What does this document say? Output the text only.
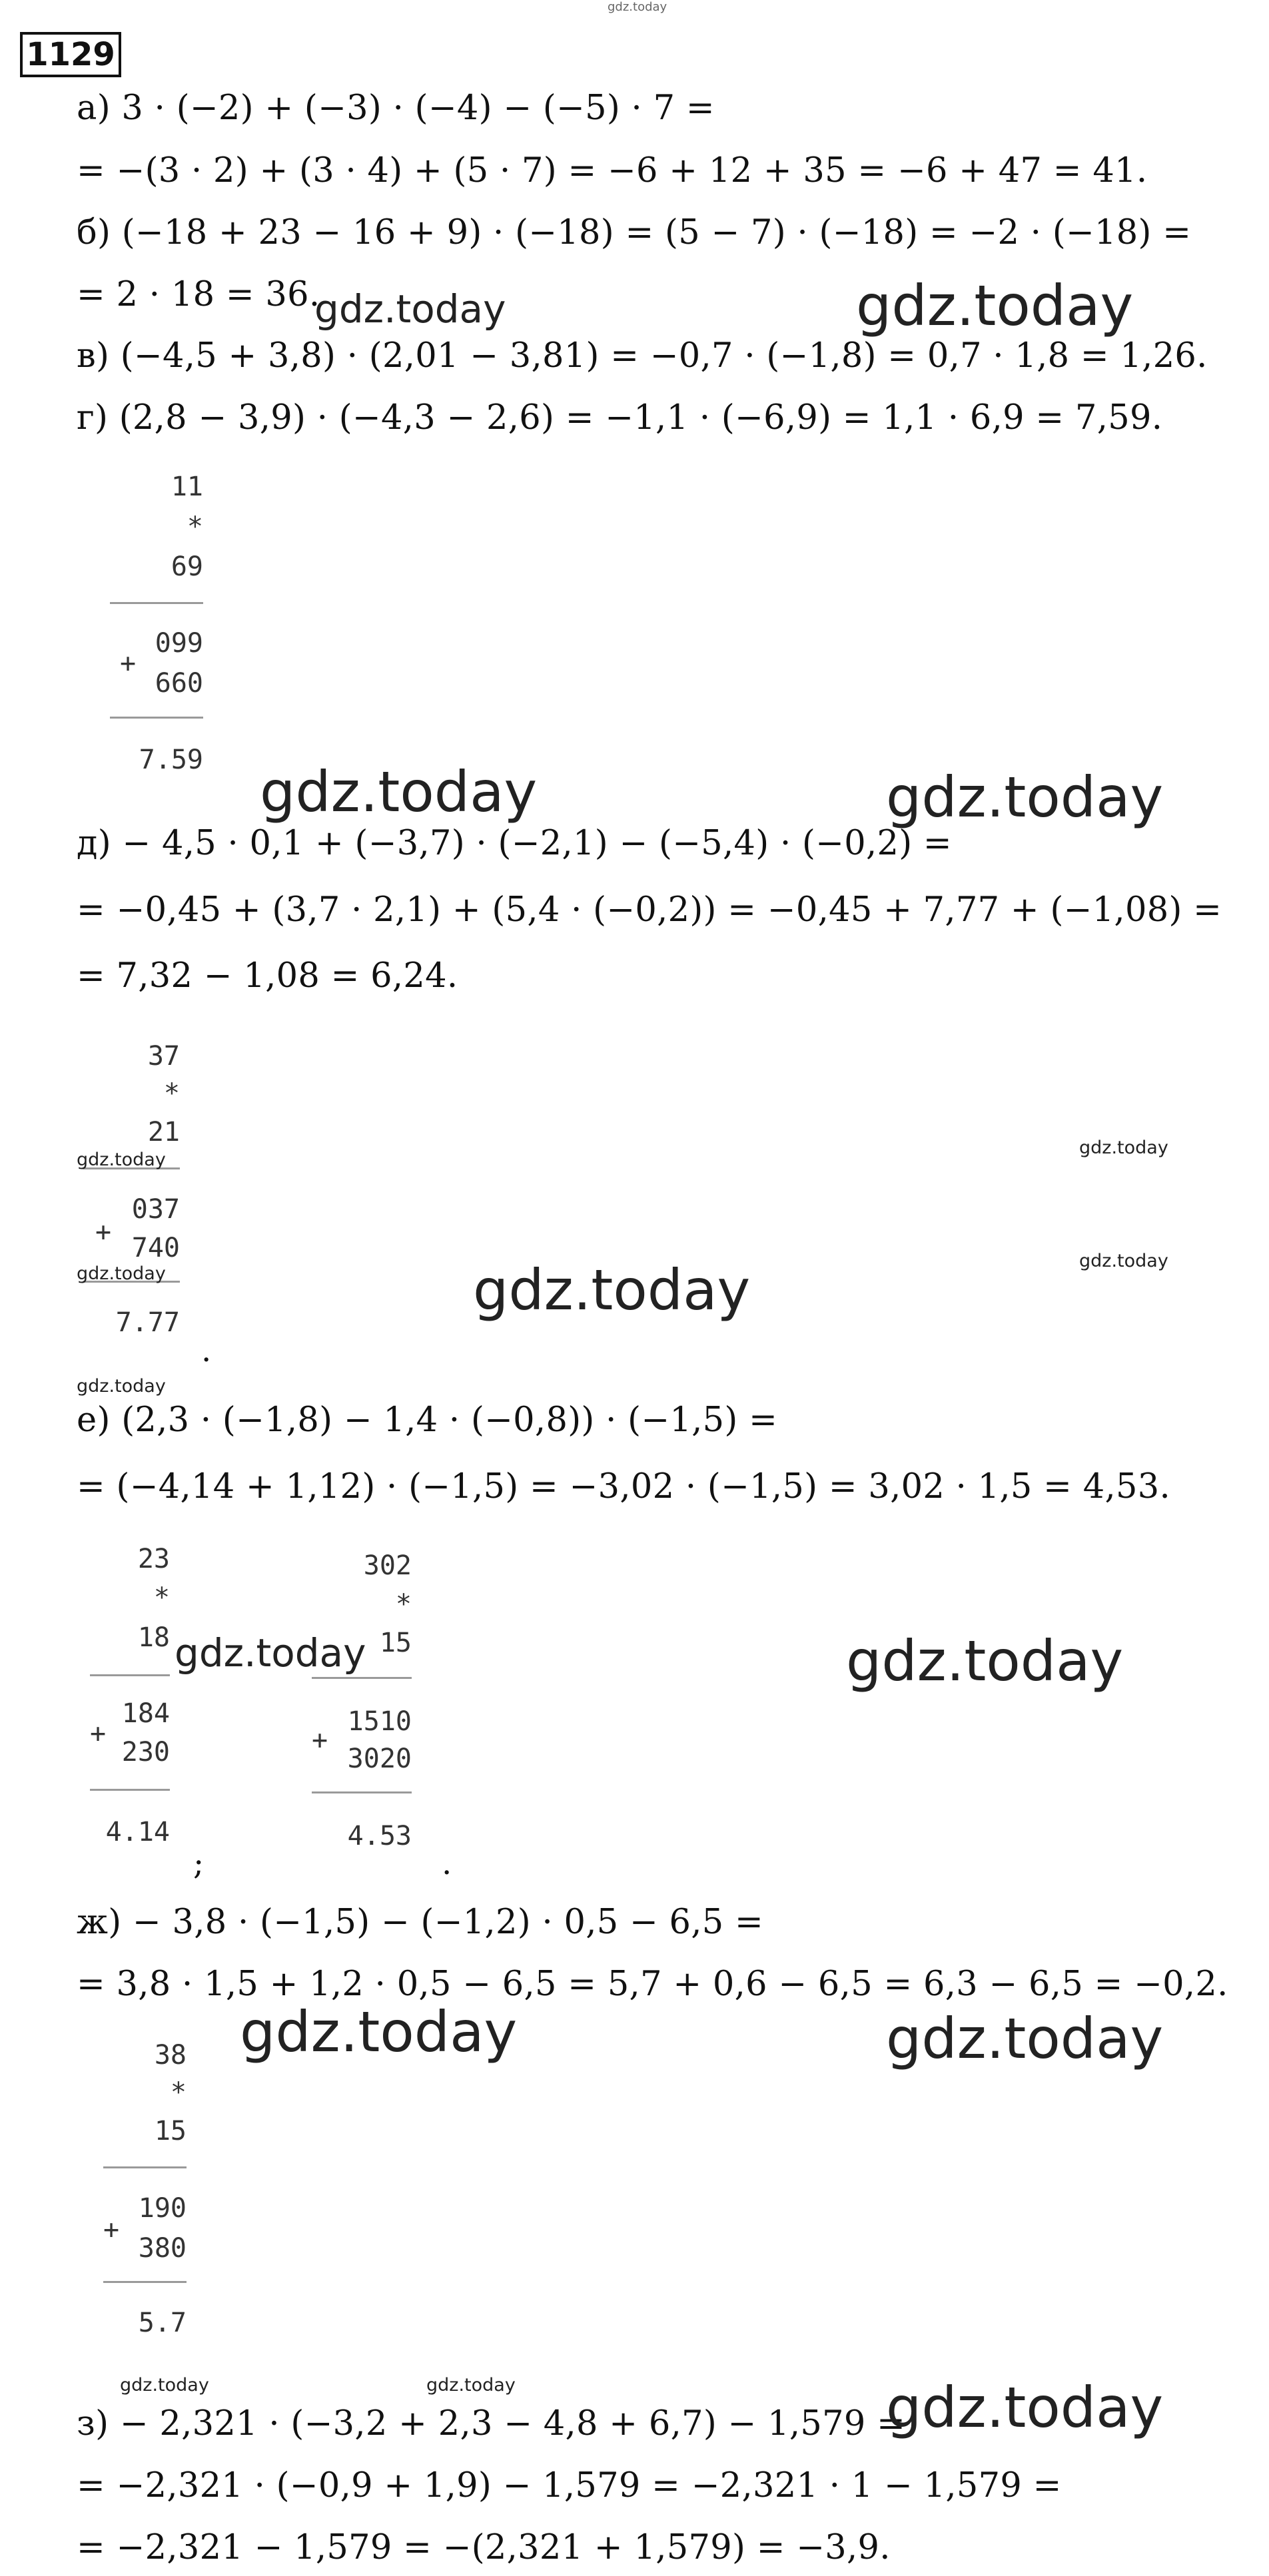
gdz.today
1129
а) 3 · (−2) + (−3) · (−4) − (−5) · 7 =
= −(3 · 2) + (3 · 4) + (5 · 7) = −6 + 12 + 35 = −6 + 47 = 41.
б) (−18 + 23 − 16 + 9) · (−18) = (5 − 7) · (−18) = −2 · (−18) =
= 2 · 18 = 36.
в) (−4,5 + 3,8) · (2,01 − 3,81) = −0,7 · (−1,8) = 0,7 · 1,8 = 1,26.
г) (2,8 − 3,9) · (−4,3 − 2,6) = −1,1 · (−6,9) = 1,1 · 6,9 = 7,59.
11
*
69
099
+
660
7.59
д) − 4,5 · 0,1 + (−3,7) · (−2,1) − (−5,4) · (−0,2) =
= −0,45 + (3,7 · 2,1) + (5,4 · (−0,2)) = −0,45 + 7,77 + (−1,08) =
= 7,32 − 1,08 = 6,24.
37
*
21
037
+
740
7.77
.
е) (2,3 · (−1,8) − 1,4 · (−0,8)) · (−1,5) =
= (−4,14 + 1,12) · (−1,5) = −3,02 · (−1,5) = 3,02 · 1,5 = 4,53.
23
*
18
184
+
230
4.14
;
302
*
15
1510
+
3020
4.53
.
ж) − 3,8 · (−1,5) − (−1,2) · 0,5 − 6,5 =
= 3,8 · 1,5 + 1,2 · 0,5 − 6,5 = 5,7 + 0,6 − 6,5 = 6,3 − 6,5 = −0,2.
38
*
15
190
+
380
5.7
з) − 2,321 · (−3,2 + 2,3 − 4,8 + 6,7) − 1,579 =
= −2,321 · (−0,9 + 1,9) − 1,579 = −2,321 · 1 − 1,579 =
= −2,321 − 1,579 = −(2,321 + 1,579) = −3,9.
gdz.today	gdz.today
gdz.today	gdz.today
gdz.today
gdz.today
gdz.today
gdz.today
gdz.today
gdz.today
gdz.today	gdz.today
gdz.today	gdz.today
gdz.today	gdz.today	gdz.today
